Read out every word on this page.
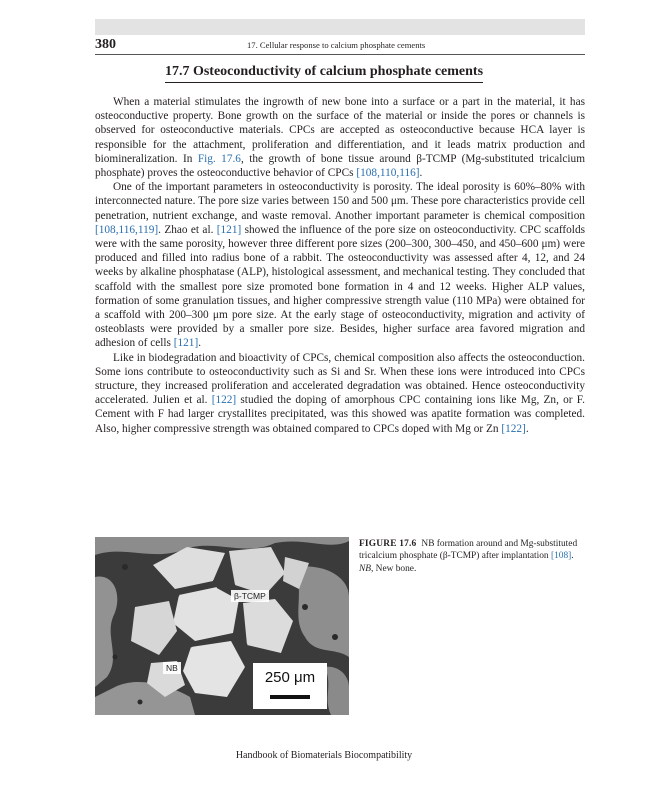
380	17. Cellular response to calcium phosphate cements
17.7 Osteoconductivity of calcium phosphate cements

When a material stimulates the ingrowth of new bone into a surface or a part in the material, it has osteoconductive property. Bone growth on the surface of the material or inside the pores or channels is observed for osteoconductive materials. CPCs are accepted as osteoconductive because HCA layer is responsible for the attachment, proliferation and differentiation, and it leads matrix production and biomineralization. In Fig. 17.6, the growth of bone tissue around β-TCMP (Mg-substituted tricalcium phosphate) proves the osteoconductive behavior of CPCs [108,110,116].

One of the important parameters in osteoconductivity is porosity. The ideal porosity is 60%–80% with interconnected nature. The pore size varies between 150 and 500 μm. These pore characteristics provide cell penetration, nutrient exchange, and waste removal. Another important parameter is chemical composition [108,116,119]. Zhao et al. [121] showed the influence of the pore size on osteoconductivity. CPC scaffolds were with the same porosity, however three different pore sizes (200–300, 300–450, and 450–600 μm) were produced and filled into radius bone of a rabbit. The osteoconductivity was assessed after 4, 12, and 24 weeks by alkaline phosphatase (ALP), histological assessment, and mechanical testing. They concluded that scaffold with the smallest pore size promoted bone formation in 4 and 12 weeks. Higher ALP values, formation of some granulation tissues, and higher compressive strength value (110 MPa) were obtained for a scaffold with 200–300 μm pore size. At the early stage of osteoconductivity, migration and activity of osteoblasts were provided by a smaller pore size. Besides, higher surface area favored migration and adhesion of cells [121].

Like in biodegradation and bioactivity of CPCs, chemical composition also affects the osteoconduction. Some ions contribute to osteoconductivity such as Si and Sr. When these ions were introduced into CPCs structure, they increased proliferation and accelerated degradation was obtained. Hence osteoconductivity accelerated. Julien et al. [122] studied the doping of amorphous CPC containing ions like Mg, Zn, or F. Cement with F had larger crystallites precipitated, was this showed was apatite formation was completed. Also, higher compressive strength was obtained compared to CPCs doped with Mg or Zn [122].

β-TCMP
NB
250 μm
FIGURE 17.6 NB formation around and Mg-substituted tricalcium phosphate (β-TCMP) after implantation [108]. NB, New bone.
Handbook of Biomaterials Biocompatibility
